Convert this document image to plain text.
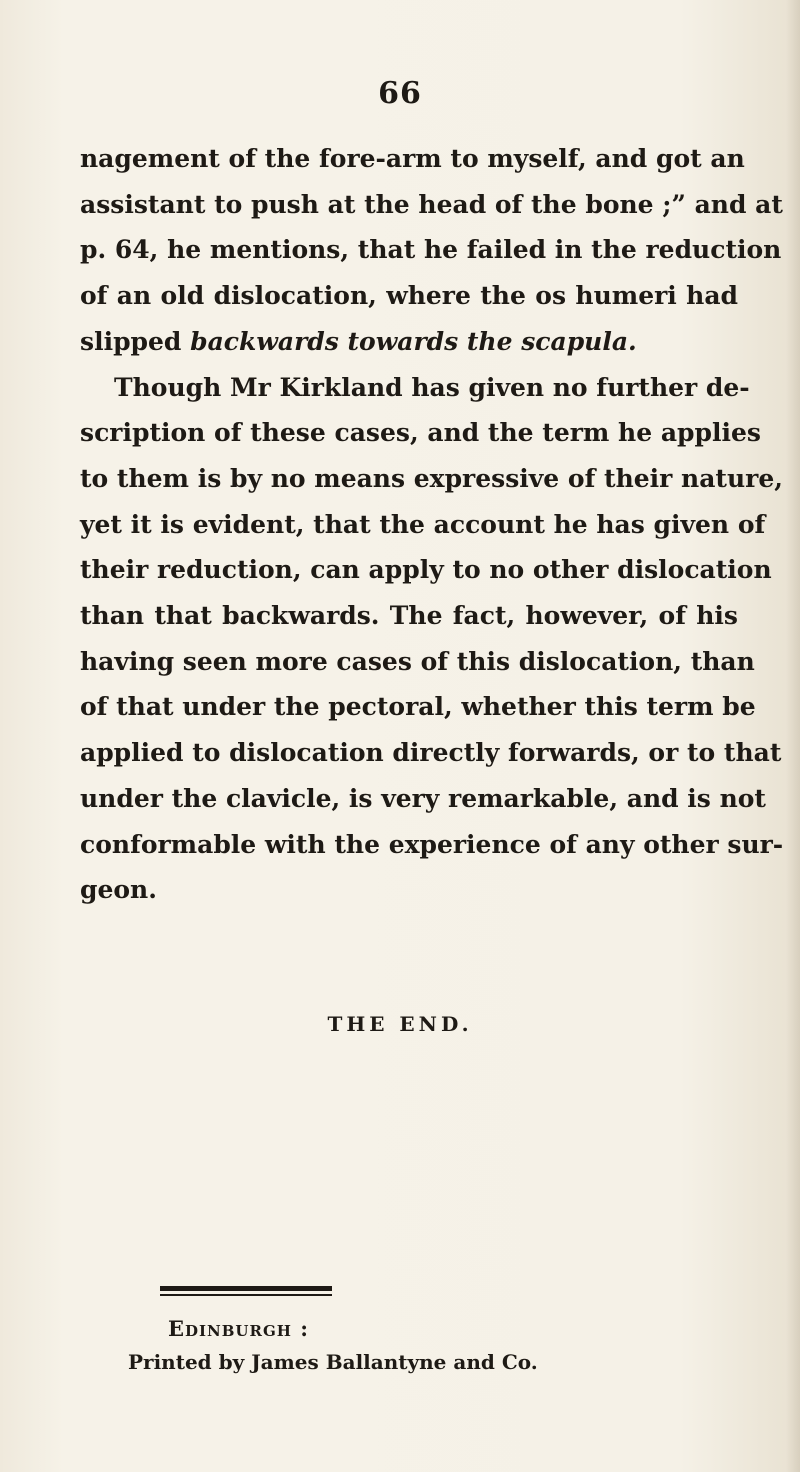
66
nagement of the fore-arm to myself, and got an
assistant to push at the head of the bone ;” and at
p. 64, he mentions, that he failed in the reduction
of an old dislocation, where the os humeri had
slipped backwards towards the scapula.
Though Mr Kirkland has given no further de-
scription of these cases, and the term he applies
to them is by no means expressive of their nature,
yet it is evident, that the account he has given of
their reduction, can apply to no other dislocation
than that backwards. The fact, however, of his
having seen more cases of this dislocation, than
of that under the pectoral, whether this term be
applied to dislocation directly forwards, or to that
under the clavicle, is very remarkable, and is not
conformable with the experience of any other sur-
geon.
THE END.
Edinburgh :
Printed by James Ballantyne and Co.
